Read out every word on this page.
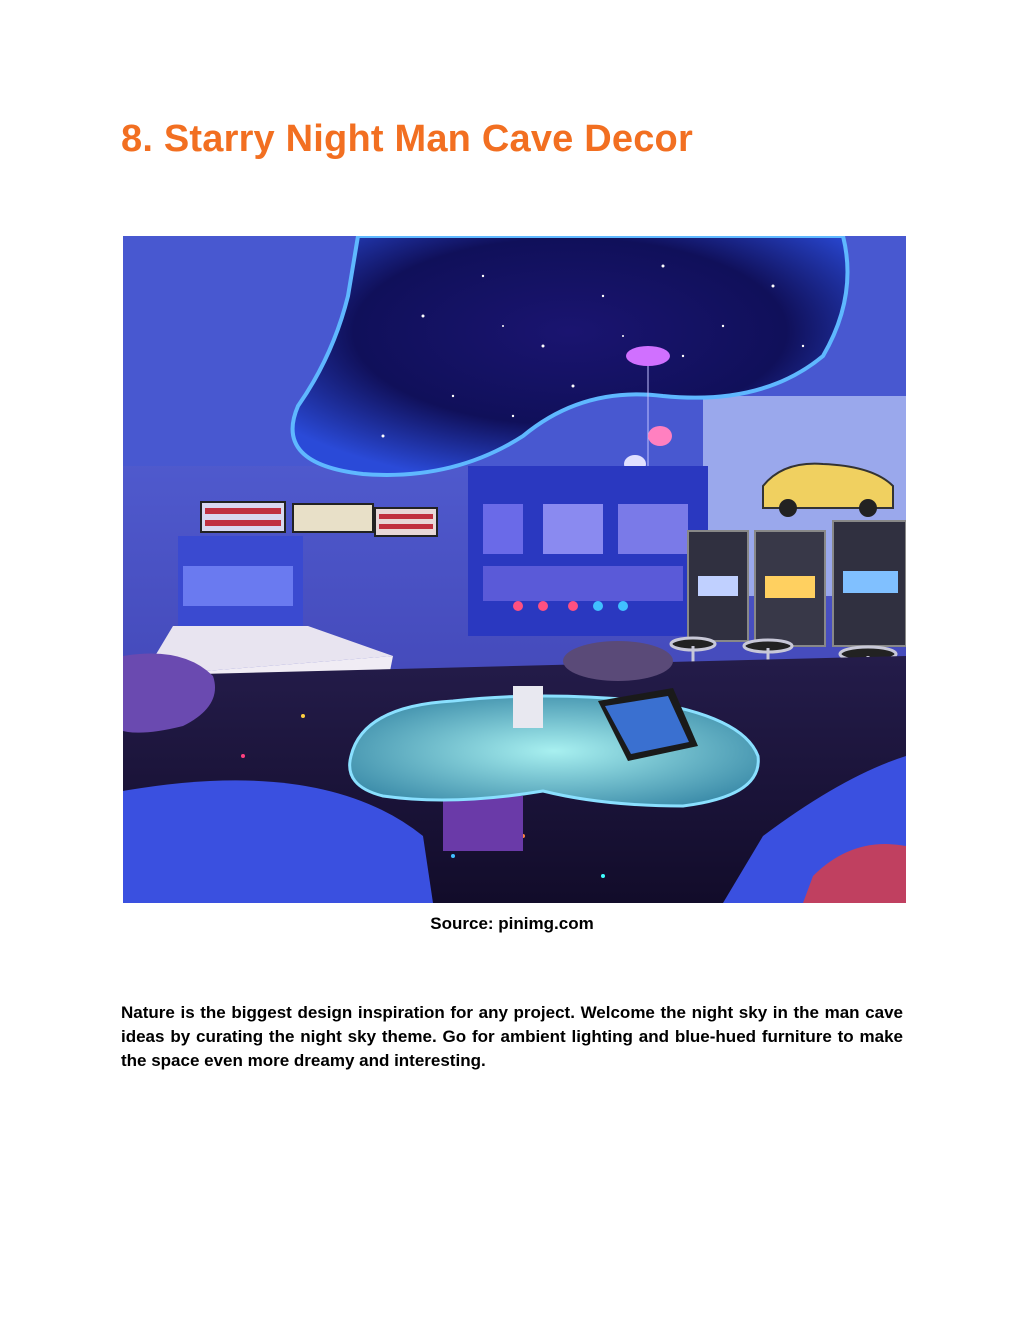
8. Starry Night Man Cave Decor
Source: pinimg.com

Nature is the biggest design inspiration for any project. Welcome the night sky in the man cave ideas by curating the night sky theme. Go for ambient lighting and blue-hued furniture to make the space even more dreamy and interesting.
